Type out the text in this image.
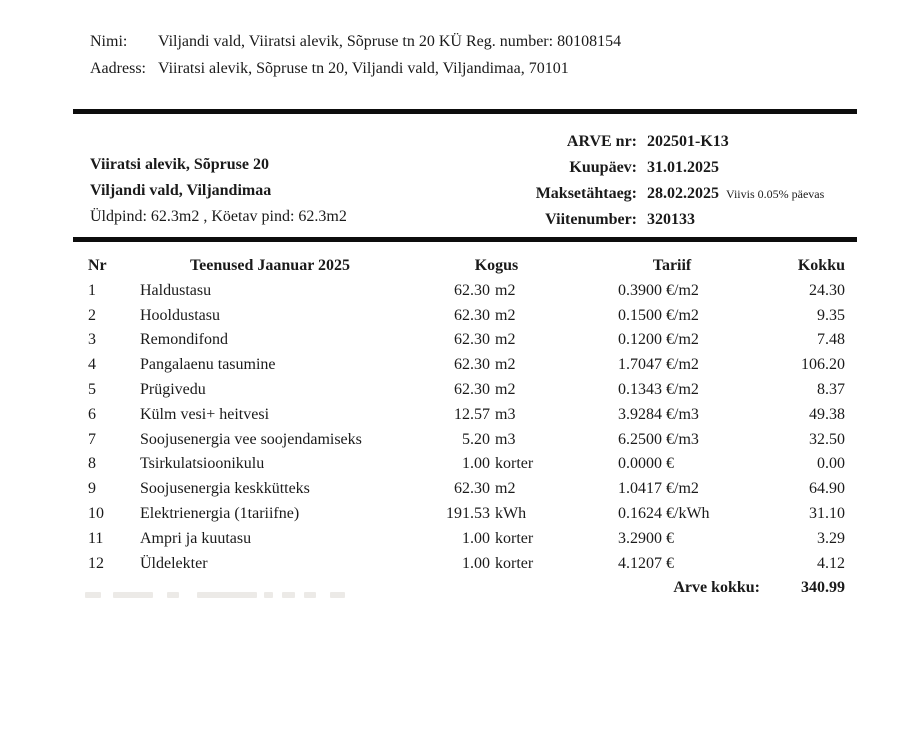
Nimi:	Viljandi vald, Viiratsi alevik, Sõpruse tn 20 KÜ Reg. number: 80108154
Aadress: Viiratsi alevik, Sõpruse tn 20, Viljandi vald, Viljandimaa, 70101
Viiratsi alevik, Sõpruse 20
Viljandi vald, Viljandimaa
Üldpind: 62.3m2 , Köetav pind: 62.3m2
ARVE nr: 202501-K13
Kuupäev: 31.01.2025
Maksetähtaeg: 28.02.2025 Viivis 0.05% päevas
Viitenumber: 320133
Nr	Teenused Jaanuar 2025	Kogus	Tariif	Kokku
1	Haldustasu	62.30 m2	0.3900 €/m2	24.30
2	Hooldustasu	62.30 m2	0.1500 €/m2	9.35
3	Remondifond	62.30 m2	0.1200 €/m2	7.48
4	Pangalaenu tasumine	62.30 m2	1.7047 €/m2	106.20
5	Prügivedu	62.30 m2	0.1343 €/m2	8.37
6	Külm vesi+ heitvesi	12.57 m3	3.9284 €/m3	49.38
7	Soojusenergia vee soojendamiseks	5.20 m3	6.2500 €/m3	32.50
8	Tsirkulatsioonikulu	1.00 korter	0.0000 €	0.00
9	Soojusenergia keskkütteks	62.30 m2	1.0417 €/m2	64.90
10	Elektrienergia (1tariifne)	191.53 kWh	0.1624 €/kWh	31.10
11	Ampri ja kuutasu	1.00 korter	3.2900 €	3.29
12	Üldelekter	1.00 korter	4.1207 €	4.12
Arve kokku:	340.99
